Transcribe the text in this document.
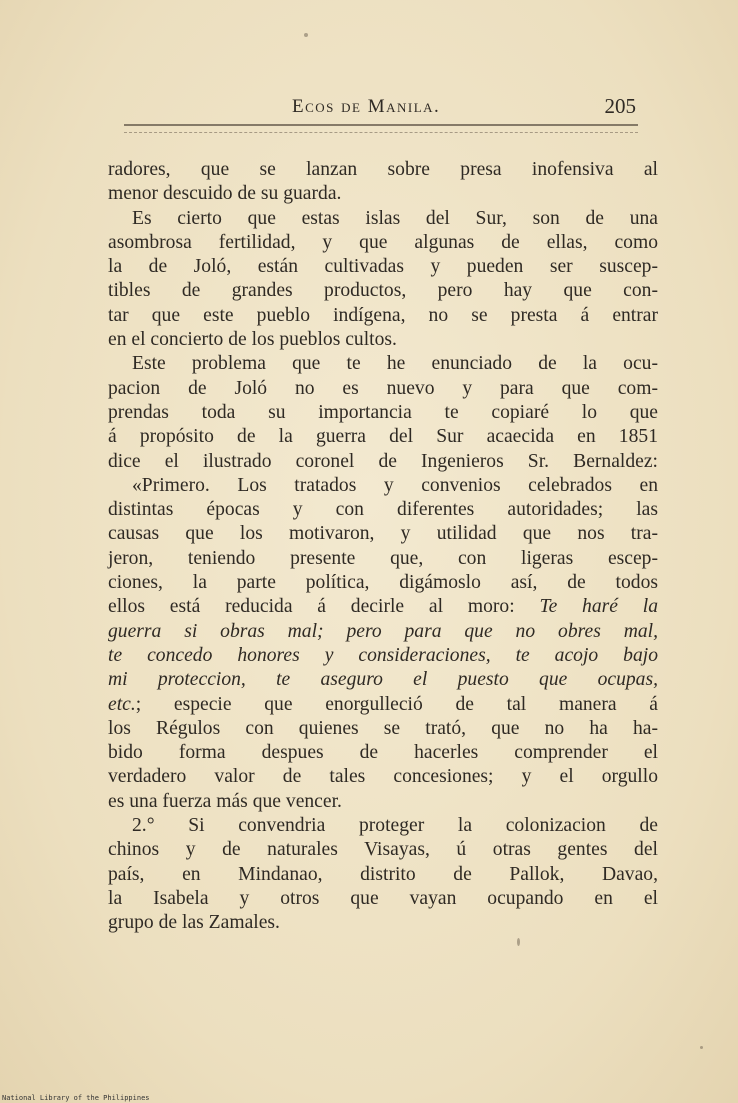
Ecos de Manila.	205
radores, que se lanzan sobre presa inofensiva al
menor descuido de su guarda.
Es cierto que estas islas del Sur, son de una
asombrosa fertilidad, y que algunas de ellas, como
la de Joló, están cultivadas y pueden ser suscep-
tibles de grandes productos, pero hay que con-
tar que este pueblo indígena, no se presta á entrar
en el concierto de los pueblos cultos.
Este problema que te he enunciado de la ocu-
pacion de Joló no es nuevo y para que com-
prendas toda su importancia te copiaré lo que
á propósito de la guerra del Sur acaecida en 1851
dice el ilustrado coronel de Ingenieros Sr. Bernaldez:
«Primero. Los tratados y convenios celebrados en
distintas épocas y con diferentes autoridades; las
causas que los motivaron, y utilidad que nos tra-
jeron, teniendo presente que, con ligeras escep-
ciones, la parte política, digámoslo así, de todos
ellos está reducida á decirle al moro: Te haré la
guerra si obras mal; pero para que no obres mal,
te concedo honores y consideraciones, te acojo bajo
mi proteccion, te aseguro el puesto que ocupas,
etc.; especie que enorgulleció de tal manera á
los Régulos con quienes se trató, que no ha ha-
bido forma despues de hacerles comprender el
verdadero valor de tales concesiones; y el orgullo
es una fuerza más que vencer.
2.° Si convendria proteger la colonizacion de
chinos y de naturales Visayas, ú otras gentes del
país, en Mindanao, distrito de Pallok, Davao,
la Isabela y otros que vayan ocupando en el
grupo de las Zamales.
National Library of the Philippines
